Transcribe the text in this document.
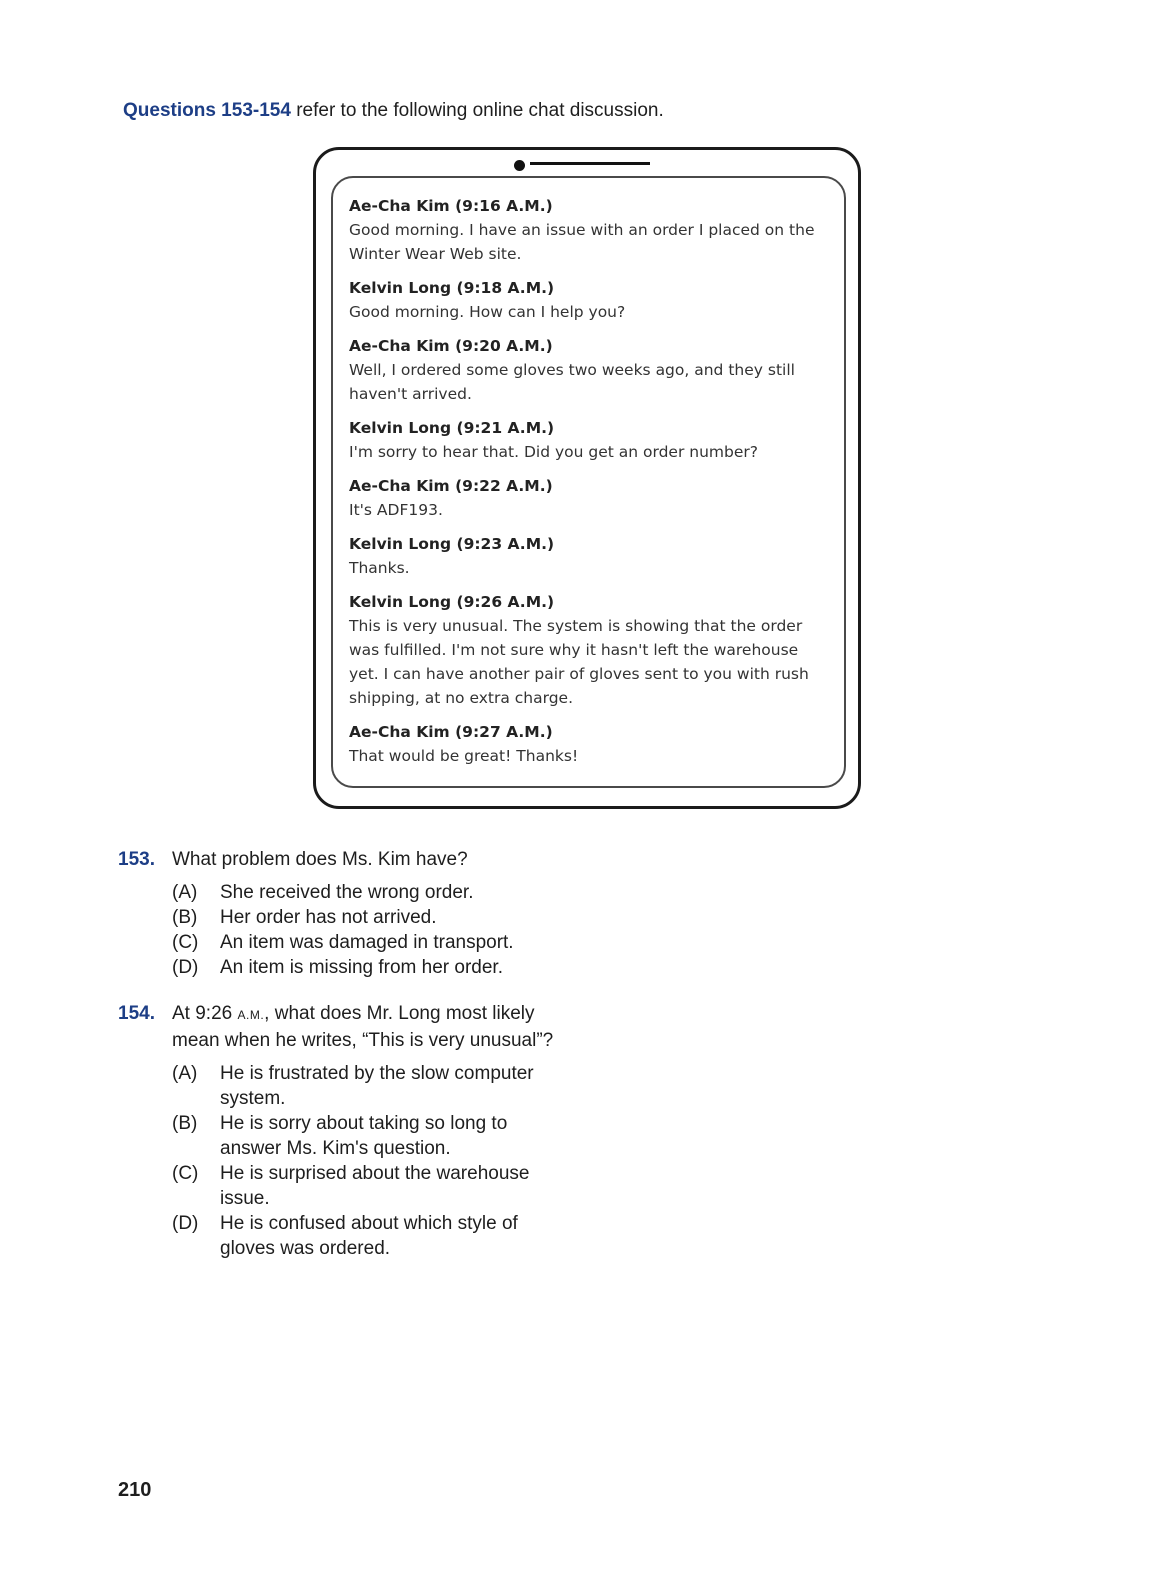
Questions 153-154 refer to the following online chat discussion.

Ae-Cha Kim (9:16 A.M.)
Good morning. I have an issue with an order I placed on the Winter Wear Web site.
Kelvin Long (9:18 A.M.)
Good morning. How can I help you?
Ae-Cha Kim (9:20 A.M.)
Well, I ordered some gloves two weeks ago, and they still haven't arrived.
Kelvin Long (9:21 A.M.)
I'm sorry to hear that. Did you get an order number?
Ae-Cha Kim (9:22 A.M.)
It's ADF193.
Kelvin Long (9:23 A.M.)
Thanks.
Kelvin Long (9:26 A.M.)
This is very unusual. The system is showing that the order was fulfilled. I'm not sure why it hasn't left the warehouse yet. I can have another pair of gloves sent to you with rush shipping, at no extra charge.
Ae-Cha Kim (9:27 A.M.)
That would be great! Thanks!
153. What problem does Ms. Kim have?
(A) She received the wrong order.
(B) Her order has not arrived.
(C) An item was damaged in transport.
(D) An item is missing from her order.
154. At 9:26 A.M., what does Mr. Long most likely mean when he writes, “This is very unusual”?
(A) He is frustrated by the slow computer system.
(B) He is sorry about taking so long to answer Ms. Kim's question.
(C) He is surprised about the warehouse issue.
(D) He is confused about which style of gloves was ordered.
210
